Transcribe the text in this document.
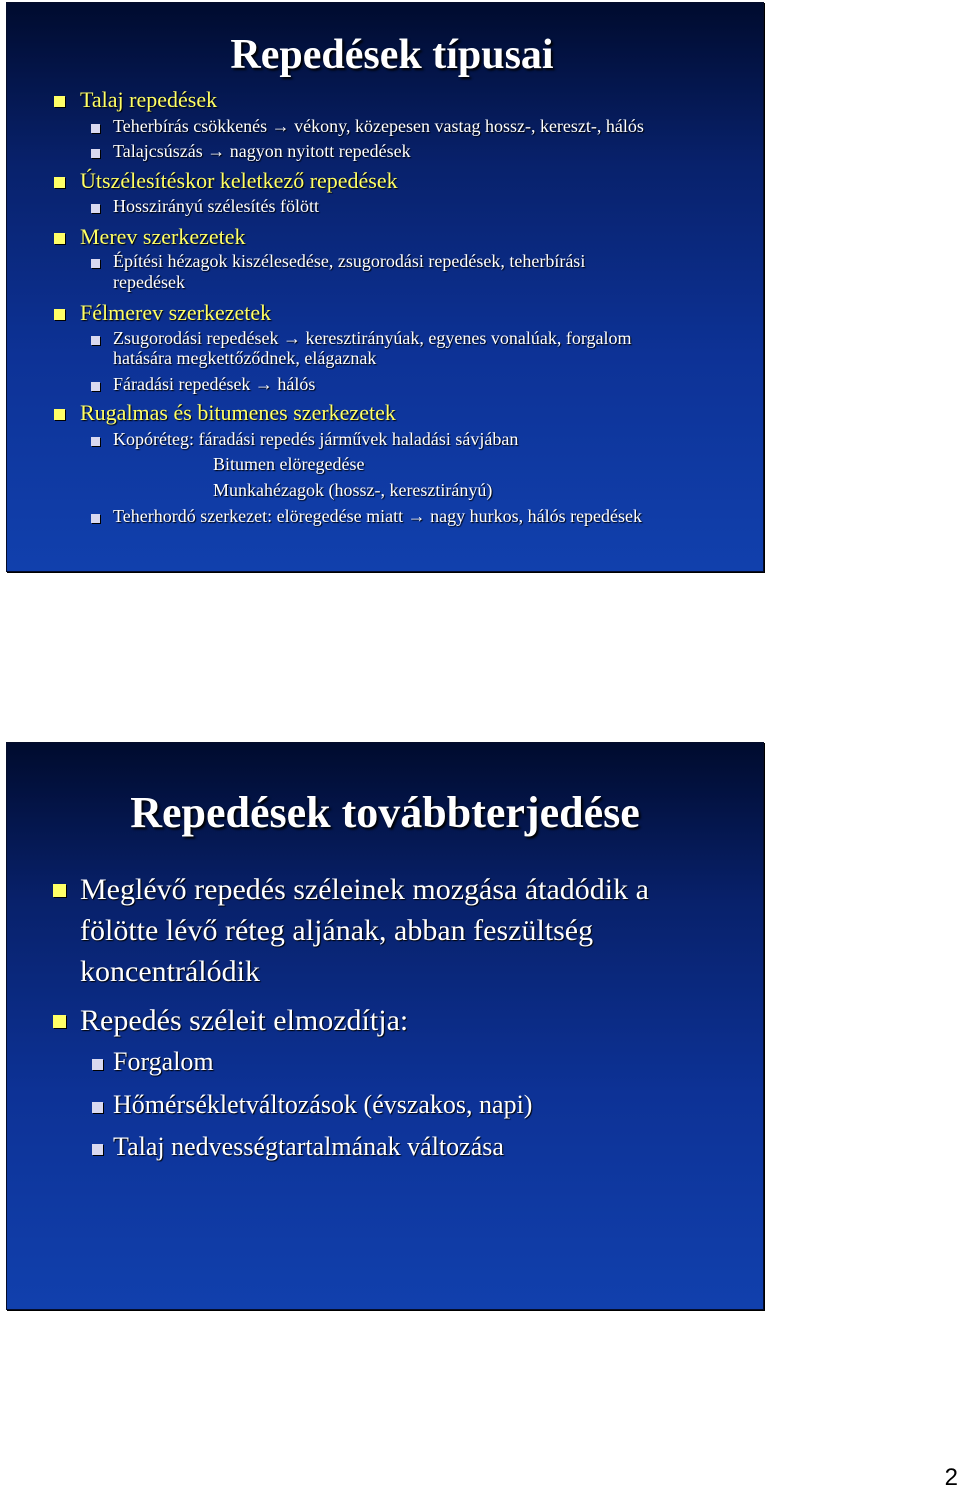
Repedések típusai
Talaj repedések
Teherbírás csökkenés → vékony, közepesen vastag hossz-, kereszt-, hálós
Talajcsúszás → nagyon nyitott repedések
Útszélesítéskor keletkező repedések
Hosszirányú szélesítés fölött
Merev szerkezetek
Építési hézagok kiszélesedése, zsugorodási repedések, teherbírási
repedések
Félmerev szerkezetek
Zsugorodási repedések → keresztirányúak, egyenes vonalúak, forgalom
hatására megkettőződnek, elágaznak
Fáradási repedések → hálós
Rugalmas és bitumenes szerkezetek
Kopóréteg: fáradási repedés járművek haladási sávjában
Bitumen elöregedése
Munkahézagok (hossz-, keresztirányú)
Teherhordó szerkezet: elöregedése miatt → nagy hurkos, hálós repedések
Repedések továbbterjedése
Meglévő repedés széleinek mozgása átadódik a fölötte lévő réteg aljának, abban feszültség koncentrálódik
Repedés széleit elmozdítja:
Forgalom
Hőmérsékletváltozások (évszakos, napi)
Talaj nedvességtartalmának változása
2
